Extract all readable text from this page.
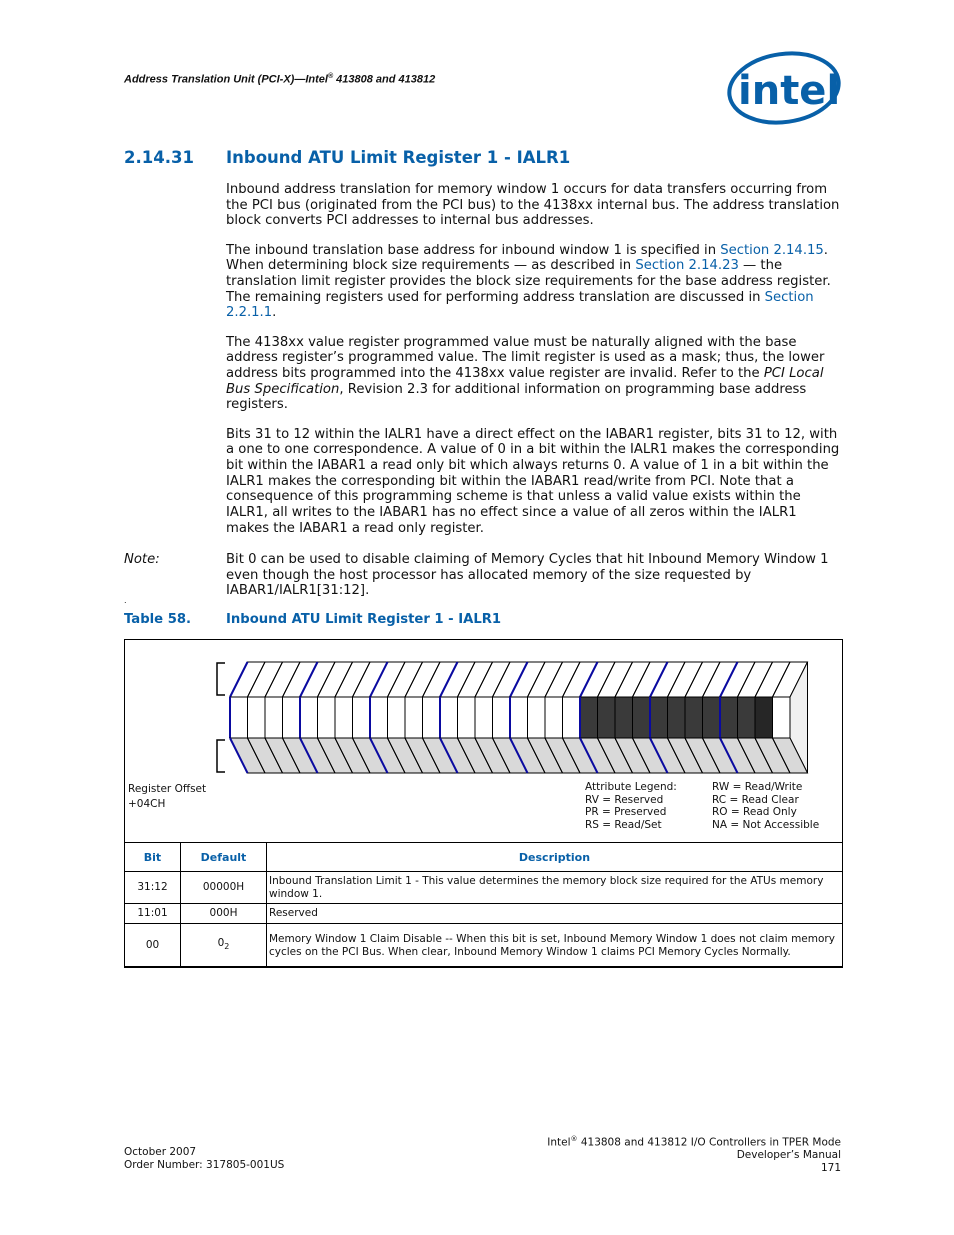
Address Translation Unit (PCI-X)—Intel® 413808 and 413812	intel
2.14.31 Inbound ATU Limit Register 1 - IALR1

Inbound address translation for memory window 1 occurs for data transfers occurring from the PCI bus (originated from the PCI bus) to the 4138xx internal bus. The address translation block converts PCI addresses to internal bus addresses.

The inbound translation base address for inbound window 1 is specified in Section 2.14.15. When determining block size requirements — as described in Section 2.14.23 — the translation limit register provides the block size requirements for the base address register. The remaining registers used for performing address translation are discussed in Section 2.2.1.1.

The 4138xx value register programmed value must be naturally aligned with the base address register’s programmed value. The limit register is used as a mask; thus, the lower address bits programmed into the 4138xx value register are invalid. Refer to the PCI Local Bus Specification, Revision 2.3 for additional information on programming base address registers.

Bits 31 to 12 within the IALR1 have a direct effect on the IABAR1 register, bits 31 to 12, with a one to one correspondence. A value of 0 in a bit within the IALR1 makes the corresponding bit within the IABAR1 a read only bit which always returns 0. A value of 1 in a bit within the IALR1 makes the corresponding bit within the IABAR1 read/write from PCI. Note that a consequence of this programming scheme is that unless a valid value exists within the IALR1, all writes to the IABAR1 has no effect since a value of all zeros within the IALR1 makes the IABAR1 a read only register.

Note:	Bit 0 can be used to disable claiming of Memory Cycles that hit Inbound Memory Window 1 even though the host processor has allocated memory of the size requested by IABAR1/IALR1[31:12].
Table 58.	Inbound ATU Limit Register 1 - IALR1
Register Offset
+04CH
Attribute Legend:
RV = Reserved
PR = Preserved
RS = Read/Set
RW = Read/Write
RC = Read Clear
RO = Read Only
NA = Not Accessible
Bit	Default	Description
31:12	00000H	Inbound Translation Limit 1 - This value determines the memory block size required for the ATUs memory window 1.
11:01	000H	Reserved
00	$0_2$	Memory Window 1 Claim Disable -- When this bit is set, Inbound Memory Window 1 does not claim memory cycles on the PCI Bus. When clear, Inbound Memory Window 1 claims PCI Memory Cycles Normally.
.
October 2007
Order Number: 317805-001US
Intel® 413808 and 413812 I/O Controllers in TPER Mode
Developer’s Manual
171
